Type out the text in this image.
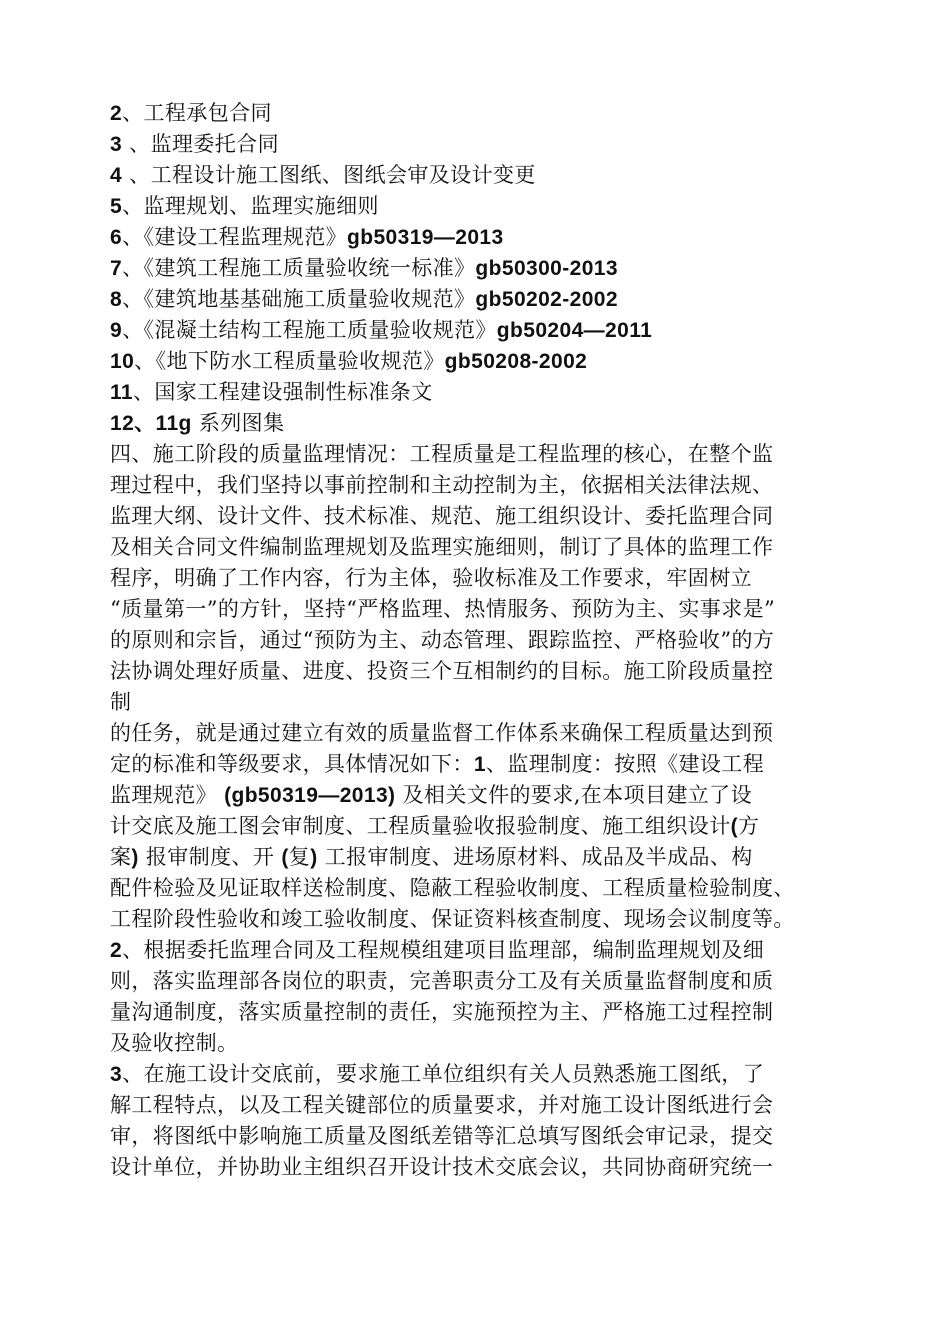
2、工程承包合同
3 、监理委托合同
4 、工程设计施工图纸、图纸会审及设计变更
5、监理规划、监理实施细则
6、《建设工程监理规范》gb50319—2013
7、《建筑工程施工质量验收统一标准》gb50300-2013
8、《建筑地基基础施工质量验收规范》gb50202-2002
9、《混凝土结构工程施工质量验收规范》gb50204—2011
10、《地下防水工程质量验收规范》gb50208-2002
11、国家工程建设强制性标准条文
12、11g 系列图集
四、施工阶段的质量监理情况：工程质量是工程监理的核心，在整个监
理过程中，我们坚持以事前控制和主动控制为主，依据相关法律法规、
监理大纲、设计文件、技术标准、规范、施工组织设计、委托监理合同
及相关合同文件编制监理规划及监理实施细则，制订了具体的监理工作
程序，明确了工作内容，行为主体，验收标准及工作要求，牢固树立
“质量第一”的方针，坚持“严格监理、热情服务、预防为主、实事求是”
的原则和宗旨，通过“预防为主、动态管理、跟踪监控、严格验收”的方
法协调处理好质量、进度、投资三个互相制约的目标。施工阶段质量控
制
的任务，就是通过建立有效的质量监督工作体系来确保工程质量达到预
定的标准和等级要求，具体情况如下：1、监理制度：按照《建设工程
监理规范》 (gb50319—2013) 及相关文件的要求,在本项目建立了设
计交底及施工图会审制度、工程质量验收报验制度、施工组织设计(方
案) 报审制度、开 (复) 工报审制度、进场原材料、成品及半成品、构
配件检验及见证取样送检制度、隐蔽工程验收制度、工程质量检验制度、
工程阶段性验收和竣工验收制度、保证资料核查制度、现场会议制度等。
2、根据委托监理合同及工程规模组建项目监理部，编制监理规划及细
则，落实监理部各岗位的职责，完善职责分工及有关质量监督制度和质
量沟通制度，落实质量控制的责任，实施预控为主、严格施工过程控制
及验收控制。
3、在施工设计交底前，要求施工单位组织有关人员熟悉施工图纸，了
解工程特点，以及工程关键部位的质量要求，并对施工设计图纸进行会
审，将图纸中影响施工质量及图纸差错等汇总填写图纸会审记录，提交
设计单位，并协助业主组织召开设计技术交底会议，共同协商研究统一
